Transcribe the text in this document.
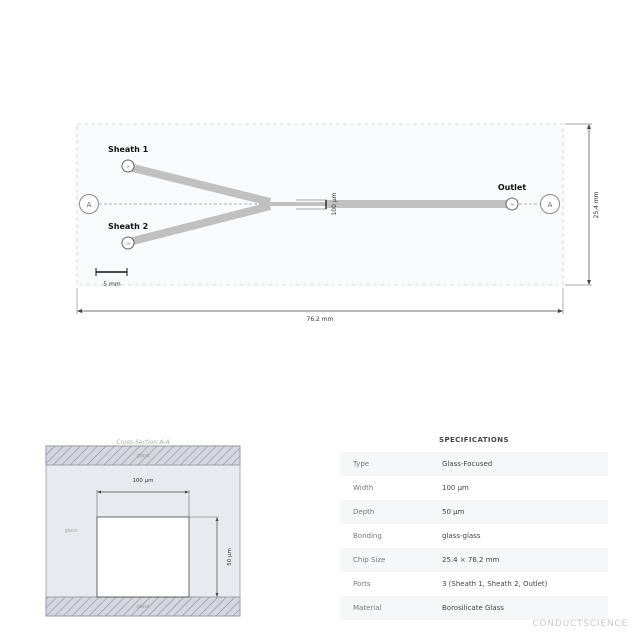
100 µm
>
>
>
Sheath 1
Sheath 2
Outlet
A	A
5 mm
25.4 mm
76.2 mm
Cross-Section A-A
glass
glass
glass
100 µm
50 µm
SPECIFICATIONS
Type	Glass-Focused
Width	100 µm
Depth	50 µm
Bonding	glass-glass
Chip Size	25.4 × 76.2 mm
Ports	3 (Sheath 1, Sheath 2, Outlet)
Material	Borosilicate Glass
CONDUCTSCIENCE
